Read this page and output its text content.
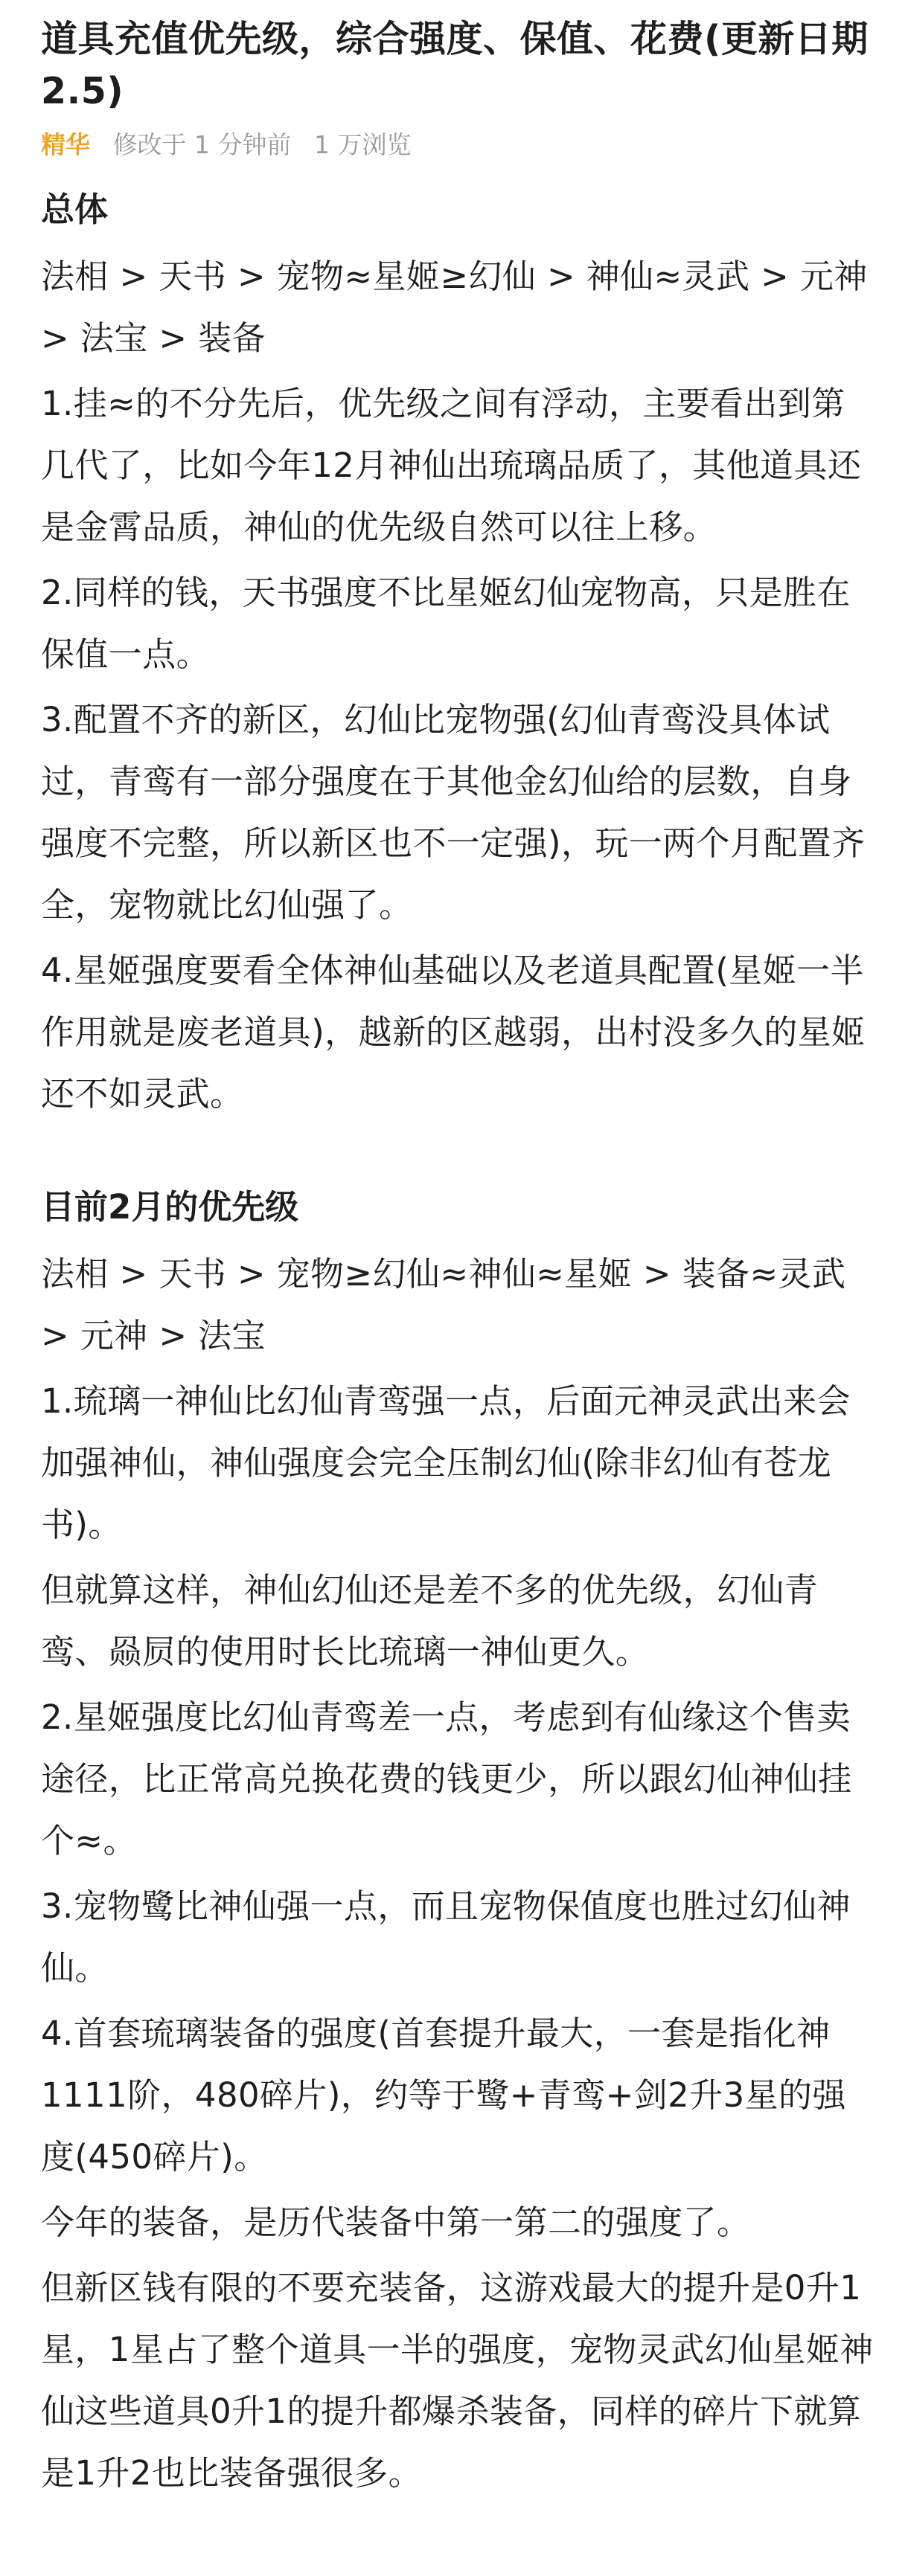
道具充值优先级，综合强度、保值、花费(更新日期2.5)
精华 修改于 1 分钟前 1 万浏览
总体
法相 > 天书 > 宠物≈星姬≥幻仙 > 神仙≈灵武 > 元神 > 法宝 > 装备
1.挂≈的不分先后，优先级之间有浮动，主要看出到第几代了，比如今年12月神仙出琉璃品质了，其他道具还是金霄品质，神仙的优先级自然可以往上移。
2.同样的钱，天书强度不比星姬幻仙宠物高，只是胜在保值一点。
3.配置不齐的新区，幻仙比宠物强(幻仙青鸾没具体试过，青鸾有一部分强度在于其他金幻仙给的层数，自身强度不完整，所以新区也不一定强)，玩一两个月配置齐全，宠物就比幻仙强了。
4.星姬强度要看全体神仙基础以及老道具配置(星姬一半作用就是废老道具)，越新的区越弱，出村没多久的星姬还不如灵武。
目前2月的优先级
法相 > 天书 > 宠物≥幻仙≈神仙≈星姬 > 装备≈灵武 > 元神 > 法宝
1.琉璃一神仙比幻仙青鸾强一点，后面元神灵武出来会加强神仙，神仙强度会完全压制幻仙(除非幻仙有苍龙书)。
但就算这样，神仙幻仙还是差不多的优先级，幻仙青鸾、赑屃的使用时长比琉璃一神仙更久。
2.星姬强度比幻仙青鸾差一点，考虑到有仙缘这个售卖途径，比正常高兑换花费的钱更少，所以跟幻仙神仙挂个≈。
3.宠物鹭比神仙强一点，而且宠物保值度也胜过幻仙神仙。
4.首套琉璃装备的强度(首套提升最大，一套是指化神1111阶，480碎片)，约等于鹭+青鸾+剑2升3星的强度(450碎片)。
今年的装备，是历代装备中第一第二的强度了。
但新区钱有限的不要充装备，这游戏最大的提升是0升1星，1星占了整个道具一半的强度，宠物灵武幻仙星姬神仙这些道具0升1的提升都爆杀装备，同样的碎片下就算是1升2也比装备强很多。
